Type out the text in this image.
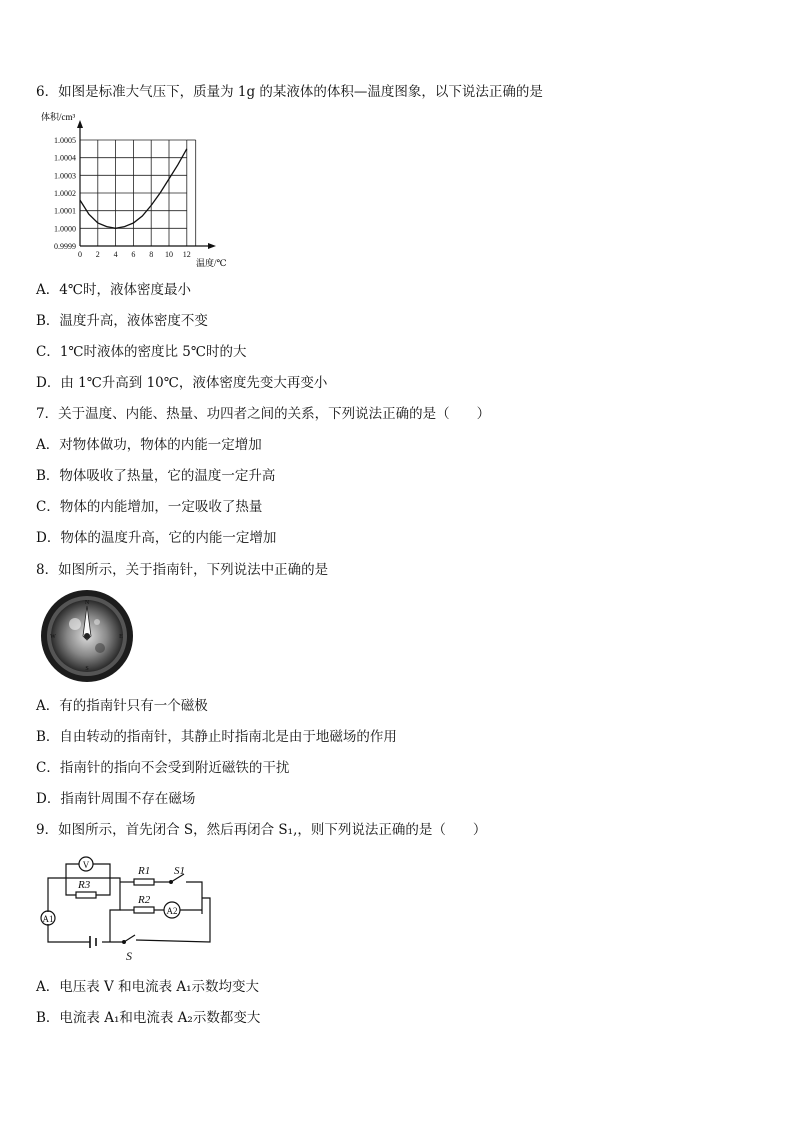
6．如图是标准大气压下，质量为 1g 的某液体的体积—温度图象，以下说法正确的是
体积/cm³
0 2 4 6 8 10 12
0.9999
1.0000
1.0001
1.0002
1.0003
1.0004
1.0005
温度/℃
A．4℃时，液体密度最小
B．温度升高，液体密度不变
C．1℃时液体的密度比 5℃时的大
D．由 1℃升高到 10℃，液体密度先变大再变小
7．关于温度、内能、热量、功四者之间的关系，下列说法正确的是（　　）
A．对物体做功，物体的内能一定增加
B．物体吸收了热量，它的温度一定升高
C．物体的内能增加，一定吸收了热量
D．物体的温度升高，它的内能一定增加
8．如图所示，关于指南针，下列说法中正确的是
N
S
E
W
A．有的指南针只有一个磁极
B．自由转动的指南针，其静止时指南北是由于地磁场的作用
C．指南针的指向不会受到附近磁铁的干扰
D．指南针周围不存在磁场
9．如图所示，首先闭合 S，然后再闭合 S₁,，则下列说法正确的是（　　）
A1
V
R3
R1 S1
R2
A2
S
A．电压表 V 和电流表 A₁示数均变大
B．电流表 A₁和电流表 A₂示数都变大
